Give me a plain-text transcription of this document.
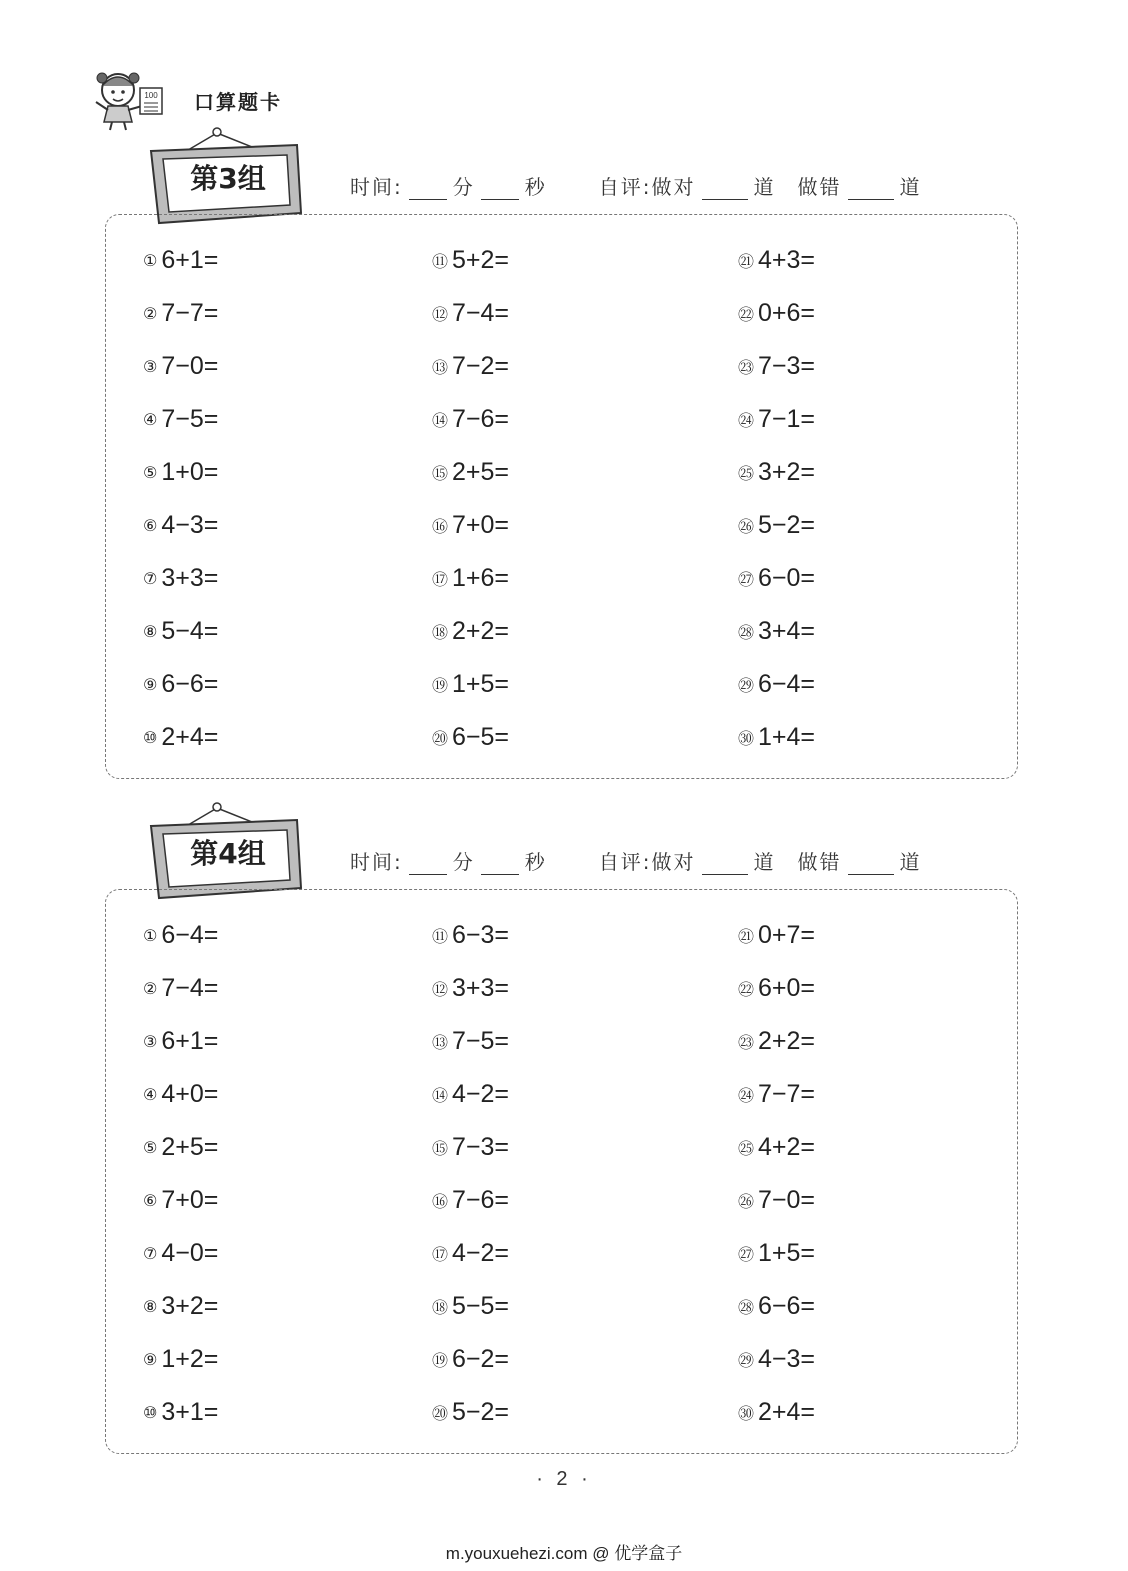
100 口算题卡
第3组	时间:	分	秒	自评:做对	道 做错	道
① 6+1=
② 7−7=
③ 7−0=
④ 7−5=
⑤ 1+0=
⑥ 4−3=
⑦ 3+3=
⑧ 5−4=
⑨ 6−6=
⑩ 2+4=
⑪ 5+2=
⑫ 7−4=
⑬ 7−2=
⑭ 7−6=
⑮ 2+5=
⑯ 7+0=
⑰ 1+6=
⑱ 2+2=
⑲ 1+5=
⑳ 6−5=
㉑ 4+3=
㉒ 0+6=
㉓ 7−3=
㉔ 7−1=
㉕ 3+2=
㉖ 5−2=
㉗ 6−0=
㉘ 3+4=
㉙ 6−4=
㉚ 1+4=
第4组	时间:	分	秒	自评:做对	道 做错	道
① 6−4=
② 7−4=
③ 6+1=
④ 4+0=
⑤ 2+5=
⑥ 7+0=
⑦ 4−0=
⑧ 3+2=
⑨ 1+2=
⑩ 3+1=
⑪ 6−3=
⑫ 3+3=
⑬ 7−5=
⑭ 4−2=
⑮ 7−3=
⑯ 7−6=
⑰ 4−2=
⑱ 5−5=
⑲ 6−2=
⑳ 5−2=
㉑ 0+7=
㉒ 6+0=
㉓ 2+2=
㉔ 7−7=
㉕ 4+2=
㉖ 7−0=
㉗ 1+5=
㉘ 6−6=
㉙ 4−3=
㉚ 2+4=
· 2 ·
m.youxuehezi.com @ 优学盒子
